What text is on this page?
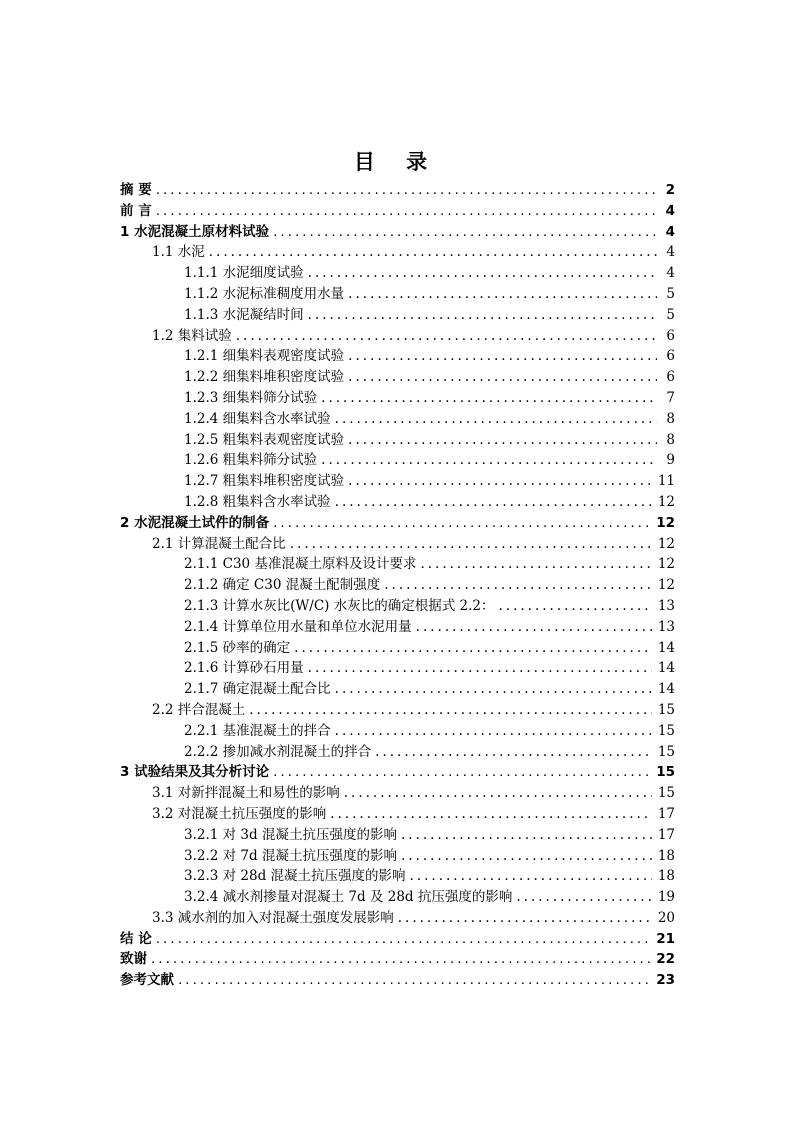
目 录
摘 要 .....	2
前 言 .....	4
1 水泥混凝土原材料试验 .....	4
1.1 水泥 .....	4
1.1.1 水泥细度试验 .....	4
1.1.2 水泥标准稠度用水量 .....	5
1.1.3 水泥凝结时间 .....	5
1.2 集料试验 .....	6
1.2.1 细集料表观密度试验 .....	6
1.2.2 细集料堆积密度试验 .....	6
1.2.3 细集料筛分试验 .....	7
1.2.4 细集料含水率试验 .....	8
1.2.5 粗集料表观密度试验 .....	8
1.2.6 粗集料筛分试验 .....	9
1.2.7 粗集料堆积密度试验 .....	11
1.2.8 粗集料含水率试验 .....	12
2 水泥混凝土试件的制备 .....	12
2.1 计算混凝土配合比 .....	12
2.1.1 C30 基准混凝土原料及设计要求 .....	12
2.1.2 确定 C30 混凝土配制强度 .....	12
2.1.3 计算水灰比(W/C) 水灰比的确定根据式 2.2： .....	13
2.1.4 计算单位用水量和单位水泥用量 .....	13
2.1.5 砂率的确定 .....	14
2.1.6 计算砂石用量 .....	14
2.1.7 确定混凝土配合比 .....	14
2.2 拌合混凝土 .....	15
2.2.1 基准混凝土的拌合 .....	15
2.2.2 掺加减水剂混凝土的拌合 .....	15
3 试验结果及其分析讨论 .....	15
3.1 对新拌混凝土和易性的影响 .....	15
3.2 对混凝土抗压强度的影响 .....	17
3.2.1 对 3d 混凝土抗压强度的影响 .....	17
3.2.2 对 7d 混凝土抗压强度的影响 .....	18
3.2.3 对 28d 混凝土抗压强度的影响 .....	18
3.2.4 减水剂掺量对混凝土 7d 及 28d 抗压强度的影响 .....	19
3.3 减水剂的加入对混凝土强度发展影响 .....	20
结 论 .....	21
致谢 .....	22
参考文献 .....	23
